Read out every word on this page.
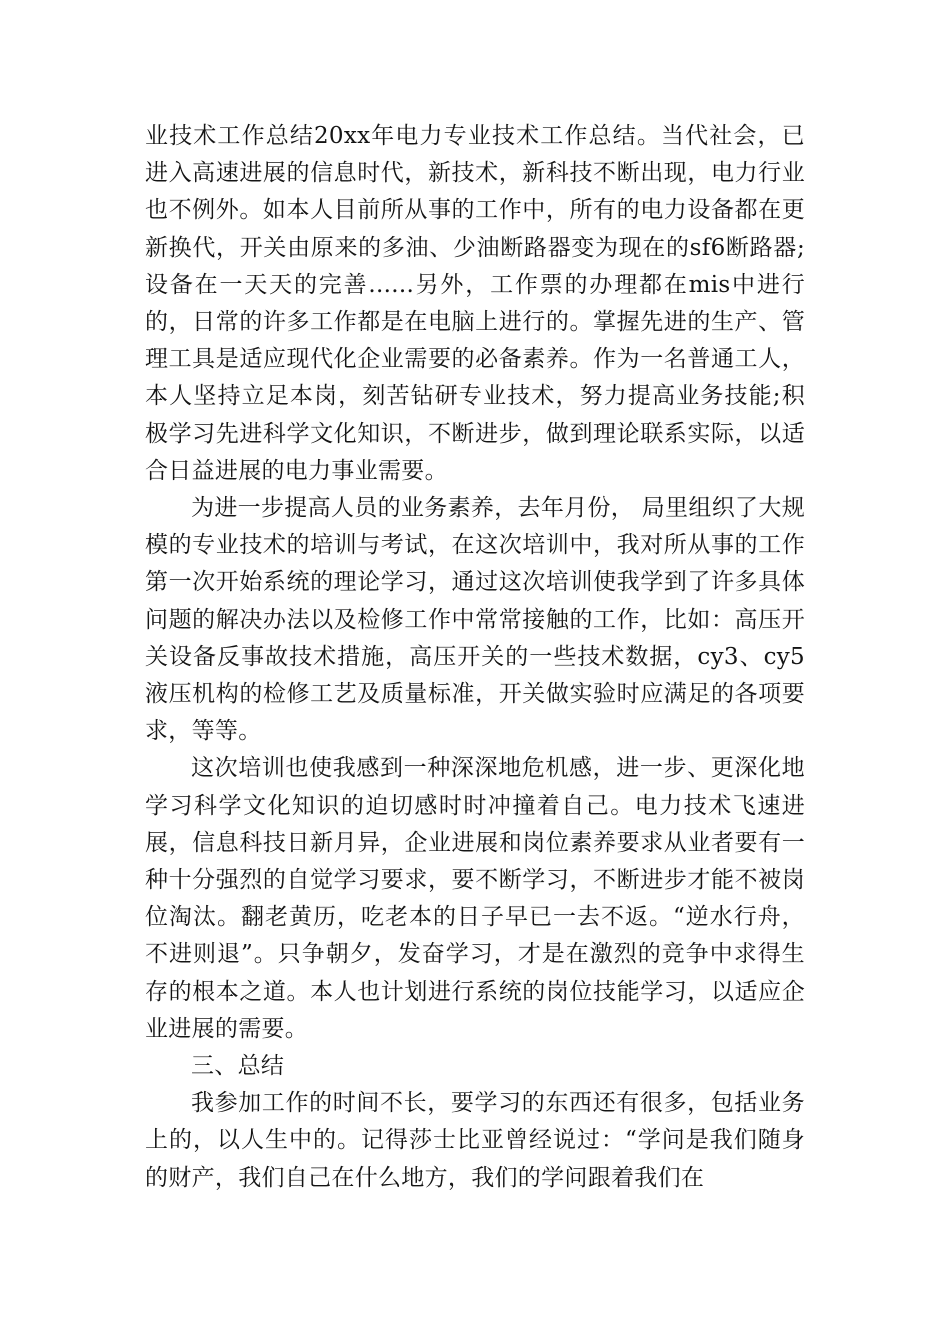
业技术工作总结20xx年电力专业技术工作总结。当代社会，已进入高速进展的信息时代，新技术，新科技不断出现，电力行业也不例外。如本人目前所从事的工作中，所有的电力设备都在更新换代，开关由原来的多油、少油断路器变为现在的sf6断路器;设备在一天天的完善......另外，工作票的办理都在mis中进行的，日常的许多工作都是在电脑上进行的。掌握先进的生产、管理工具是适应现代化企业需要的必备素养。作为一名普通工人，本人坚持立足本岗，刻苦钻研专业技术，努力提高业务技能;积极学习先进科学文化知识，不断进步，做到理论联系实际，以适合日益进展的电力事业需要。

为进一步提高人员的业务素养，去年月份， 局里组织了大规模的专业技术的培训与考试，在这次培训中，我对所从事的工作第一次开始系统的理论学习，通过这次培训使我学到了许多具体问题的解决办法以及检修工作中常常接触的工作，比如：高压开关设备反事故技术措施，高压开关的一些技术数据，cy3、cy5液压机构的检修工艺及质量标准，开关做实验时应满足的各项要求，等等。

这次培训也使我感到一种深深地危机感，进一步、更深化地学习科学文化知识的迫切感时时冲撞着自己。电力技术飞速进展，信息科技日新月异，企业进展和岗位素养要求从业者要有一种十分强烈的自觉学习要求，要不断学习，不断进步才能不被岗位淘汰。翻老黄历，吃老本的日子早已一去不返。“逆水行舟，不进则退”。只争朝夕，发奋学习，才是在激烈的竞争中求得生存的根本之道。本人也计划进行系统的岗位技能学习，以适应企业进展的需要。

三、总结

我参加工作的时间不长，要学习的东西还有很多，包括业务上的，以人生中的。记得莎士比亚曾经说过：“学问是我们随身的财产，我们自己在什么地方，我们的学问跟着我们在
